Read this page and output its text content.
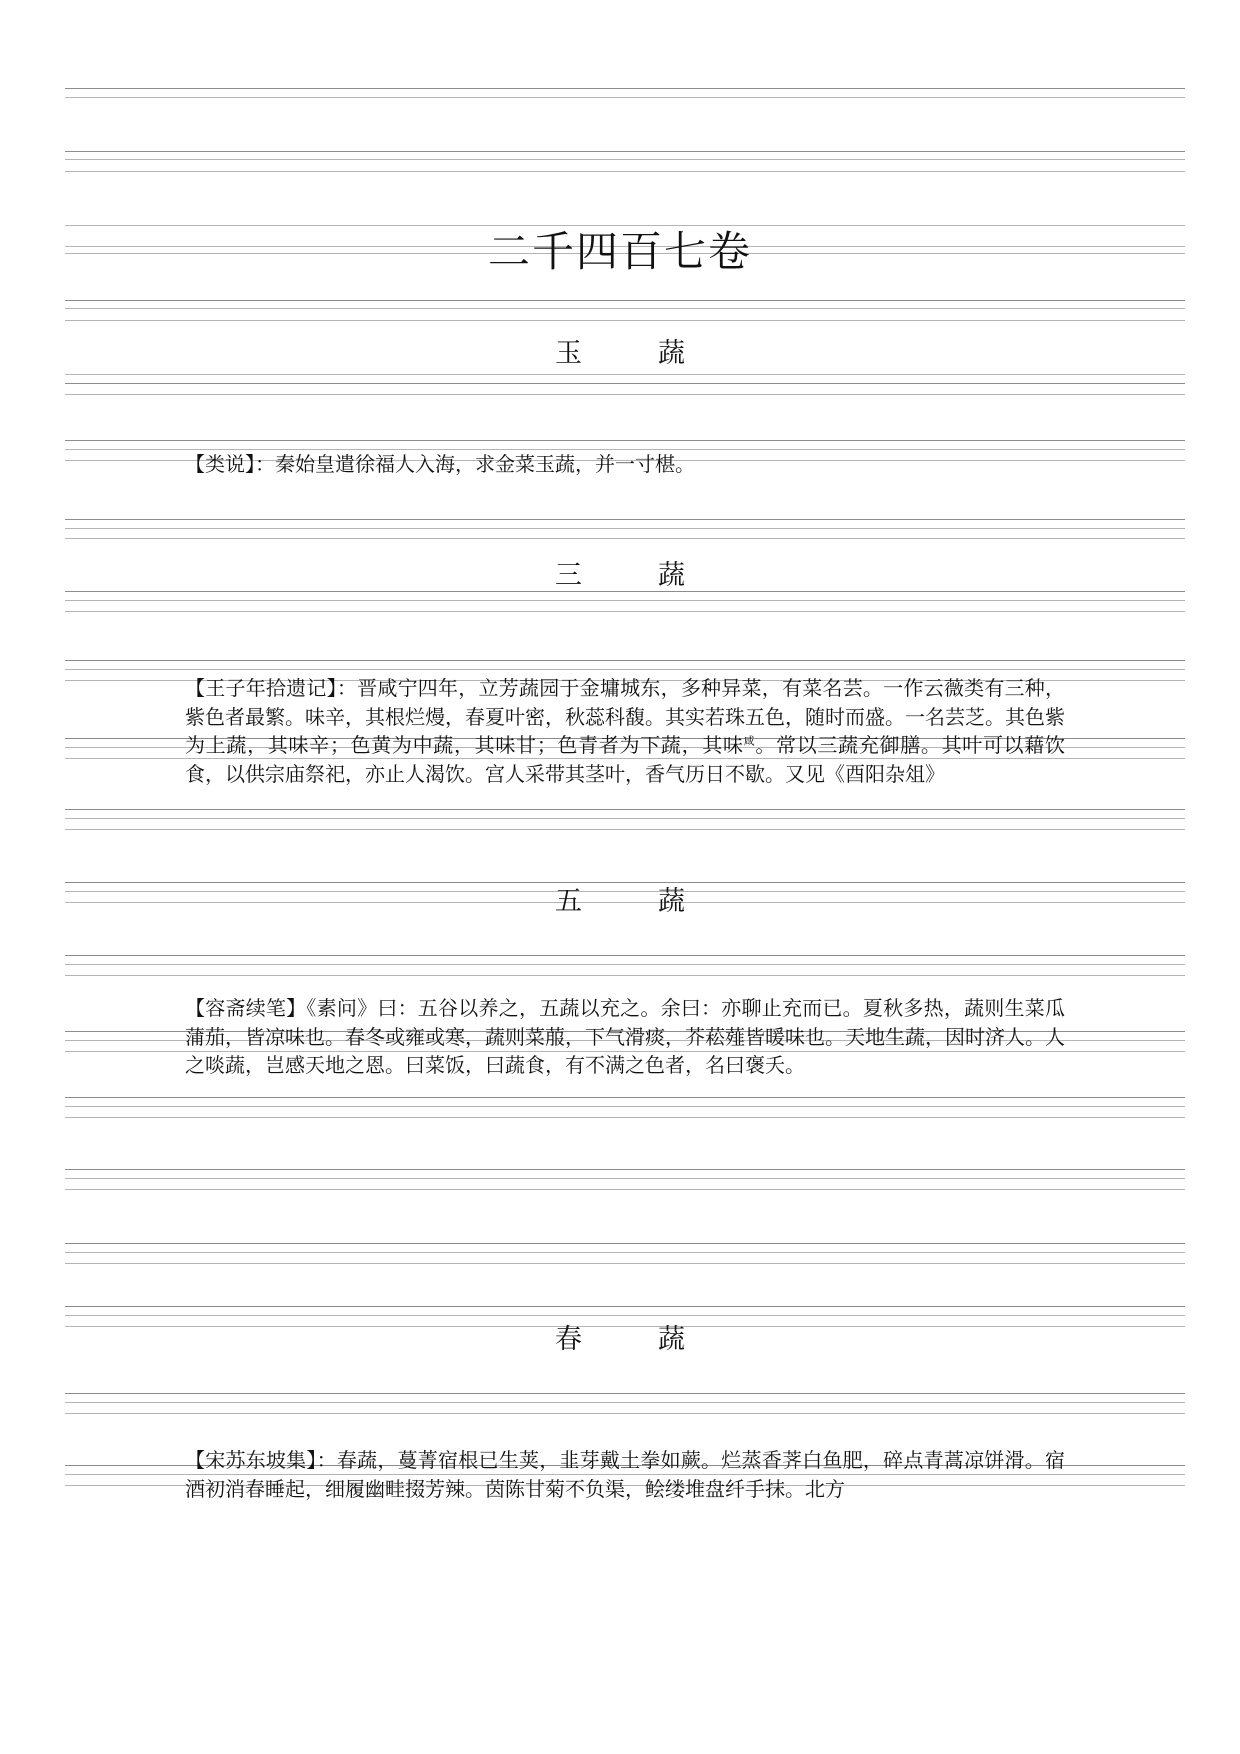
二千四百七卷
玉	蔬
【类说】：秦始皇遣徐福人入海，求金菜玉蔬，并一寸椹。
三	蔬
【王子年拾遗记】：晋咸宁四年，立芳蔬园于金墉城东，多种异菜，有菜名芸。一作云薇类有三种，紫色者最繁。味辛，其根烂熳，春夏叶密，秋蕊科馥。其实若珠五色，随时而盛。一名芸芝。其色紫为上蔬，其味辛；色黄为中蔬，其味甘；色青者为下蔬，其味$^咸$。常以三蔬充御膳。其叶可以藉饮食，以供宗庙祭祀，亦止人渴饮。宫人采带其茎叶，香气历日不歇。又见《酉阳杂俎》
五	蔬
【容斋续笔】《素问》曰：五谷以养之，五蔬以充之。余曰：亦聊止充而已。夏秋多热，蔬则生菜瓜蒲茄，皆凉味也。春冬或雍或寒，蔬则菜菔，下气滑痰，芥菘薤皆暖味也。天地生蔬，因时济人。人之啖蔬，岂感天地之恩。曰菜饭，曰蔬食，有不满之色者，名曰褒夭。
春	蔬
【宋苏东坡集】：春蔬，蔓菁宿根已生荚，韭芽戴土拳如蕨。烂蒸香荠白鱼肥，碎点青蒿凉饼滑。宿酒初消春睡起，细履幽畦掇芳辣。茵陈甘菊不负渠，鲙缕堆盘纤手抹。北方
